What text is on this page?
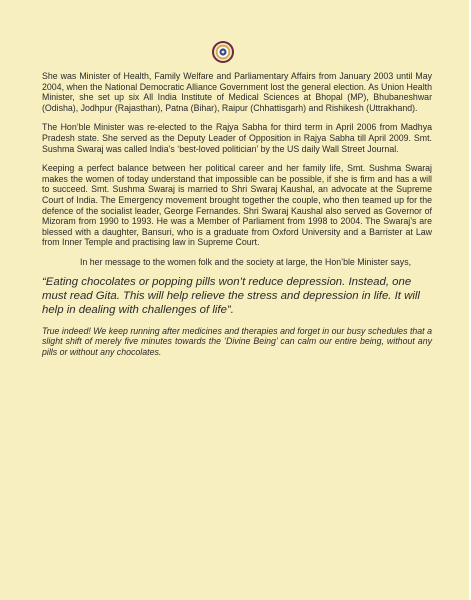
She was Minister of Health, Family Welfare and Parliamentary Affairs from January 2003 until May 2004, when the National Democratic Alliance Government lost the general election. As Union Health Minister, she set up six All India Institute of Medical Sciences at Bhopal (MP), Bhubaneshwar (Odisha), Jodhpur (Rajasthan), Patna (Bihar), Raipur (Chhattisgarh) and Rishikesh (Uttrakhand).

The Hon’ble Minister was re-elected to the Rajya Sabha for third term in April 2006 from Madhya Pradesh state. She served as the Deputy Leader of Opposition in Rajya Sabha till April 2009. Smt. Sushma Swaraj was called India’s ‘best-loved politician’ by the US daily Wall Street Journal.

Keeping a perfect balance between her political career and her family life, Smt. Sushma Swaraj makes the women of today understand that impossible can be possible, if she is firm and has a will to succeed. Smt. Sushma Swaraj is married to Shri Swaraj Kaushal, an advocate at the Supreme Court of India. The Emergency movement brought together the couple, who then teamed up for the defence of the socialist leader, George Fernandes. Shri Swaraj Kaushal also served as Governor of Mizoram from 1990 to 1993. He was a Member of Parliament from 1998 to 2004. The Swaraj’s are blessed with a daughter, Bansuri, who is a graduate from Oxford University and a Barrister at Law from Inner Temple and practising law in Supreme Court.

In her message to the women folk and the society at large, the Hon’ble Minister says,

“Eating chocolates or popping pills won’t reduce depression. Instead, one must read Gita. This will help relieve the stress and depression in life. It will help in dealing with challenges of life”.

True indeed! We keep running after medicines and therapies and forget in our busy schedules that a slight shift of merely five minutes towards the ‘Divine Being’ can calm our entire being, without any pills or without any chocolates.
